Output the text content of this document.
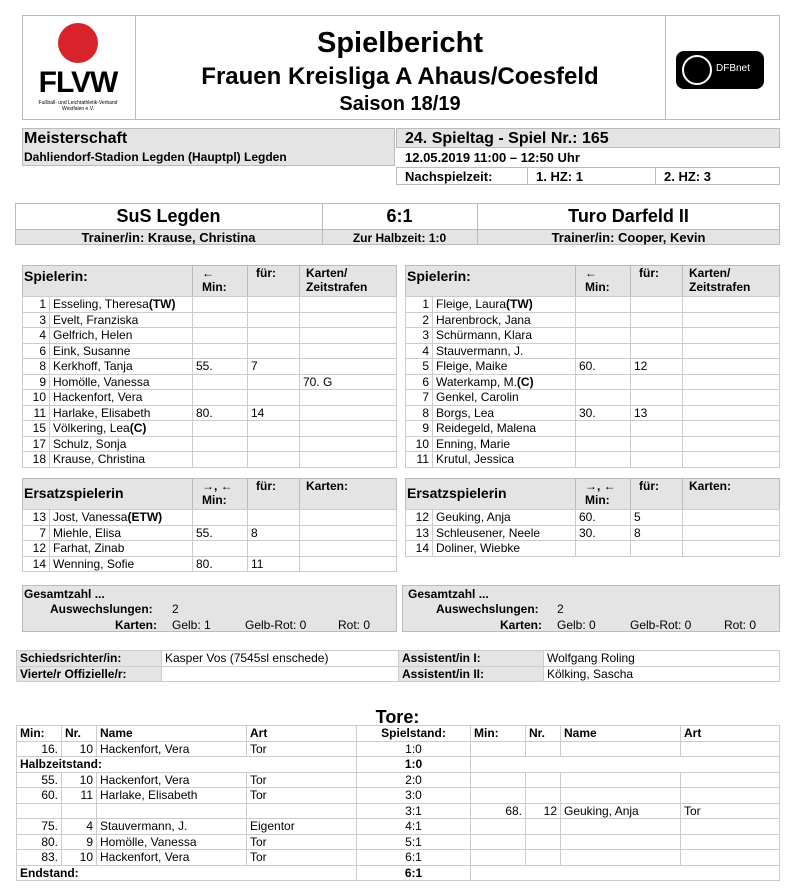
FLVW
Fußball- und Leichtathletik-Verband Westfalen e.V.
Spielbericht
Frauen Kreisliga A Ahaus/Coesfeld
Saison 18/19
DFBnet
Meisterschaft
Dahliendorf-Stadion Legden (Hauptpl) Legden
24. Spieltag - Spiel Nr.: 165
12.05.2019 11:00 – 12:50 Uhr
Nachspielzeit:	1. HZ: 1	2. HZ: 3
SuS Legden	6:1	Turo Darfeld II
Trainer/in: Krause, Christina	Zur Halbzeit: 1:0	Trainer/in: Cooper, Kevin
Spielerin:	←
Min:
für:	Karten/
Zeitstrafen
1	Esseling, Theresa(TW)			
3	Evelt, Franziska			
4	Gelfrich, Helen			
6	Eink, Susanne			
8	Kerkhoff, Tanja	55.	7	
9	Homölle, Vanessa			70. G
10	Hackenfort, Vera			
11	Harlake, Elisabeth	80.	14	
15	Völkering, Lea(C)			
17	Schulz, Sonja			
18	Krause, Christina			
Spielerin:	←
Min:
für:	Karten/
Zeitstrafen
1	Fleige, Laura(TW)			
2	Harenbrock, Jana			
3	Schürmann, Klara			
4	Stauvermann, J.			
5	Fleige, Maike	60.	12	
6	Waterkamp, M.(C)			
7	Genkel, Carolin			
8	Borgs, Lea	30.	13	
9	Reidegeld, Malena			
10	Enning, Marie			
11	Krutul, Jessica			
Ersatzspielerin	→, ←
Min:
für:	Karten:
13	Jost, Vanessa(ETW)			
7	Miehle, Elisa	55.	8	
12	Farhat, Zinab			
14	Wenning, Sofie	80.	11	
Ersatzspielerin	→, ←
Min:
für:	Karten:
12	Geuking, Anja	60.	5	
13	Schleusener, Neele	30.	8	
14	Doliner, Wiebke			
Gesamtzahl ...
Auswechslungen: 2
Karten: Gelb: 1	Gelb-Rot: 0	Rot: 0
Gesamtzahl ...
Auswechslungen: 2
Karten: Gelb: 0	Gelb-Rot: 0	Rot: 0
Schiedsrichter/in:	Kasper Vos (7545sl enschede)	Assistent/in I:	Wolfgang Roling
Vierte/r Offizielle/r:		Assistent/in II:	Kölking, Sascha
Tore:
Min:	Nr.	Name	Art	Spielstand:	Min:	Nr.	Name	Art
16.	10	Hackenfort, Vera	Tor	1:0				
Halbzeitstand:				1:0				
55.	10	Hackenfort, Vera	Tor	2:0				
60.	11	Harlake, Elisabeth	Tor	3:0				
				3:1	68.	12	Geuking, Anja	Tor
75.	4	Stauvermann, J.	Eigentor	4:1				
80.	9	Homölle, Vanessa	Tor	5:1				
83.	10	Hackenfort, Vera	Tor	6:1				
Endstand:				6:1				
